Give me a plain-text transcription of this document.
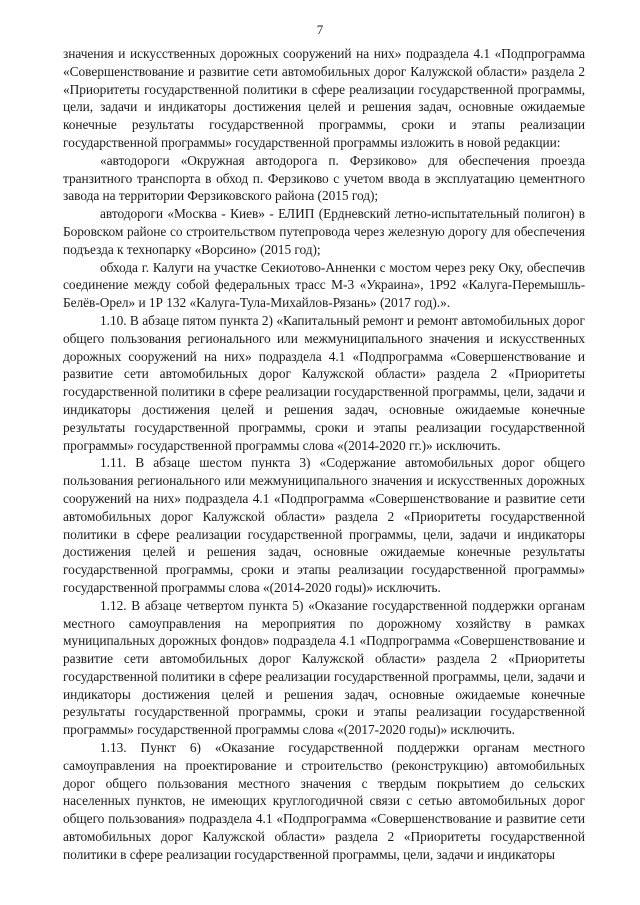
7

значения и искусственных дорожных сооружений на них» подраздела 4.1 «Подпрограмма «Совершенствование и развитие сети автомобильных дорог Калужской области» раздела 2 «Приоритеты государственной политики в сфере реализации государственной программы, цели, задачи и индикаторы достижения целей и решения задач, основные ожидаемые конечные результаты государственной программы, сроки и этапы реализации государственной программы» государственной программы изложить в новой редакции:

«автодороги «Окружная автодорога п. Ферзиково» для обеспечения проезда транзитного транспорта в обход п. Ферзиково с учетом ввода в эксплуатацию цементного завода на территории Ферзиковского района (2015 год);

автодороги «Москва - Киев» - ЕЛИП (Ердневский летно-испытательный полигон) в Боровском районе со строительством путепровода через железную дорогу для обеспечения подъезда к технопарку «Ворсино» (2015 год);

обхода г. Калуги на участке Секиотово-Анненки с мостом через реку Оку, обеспечив соединение между собой федеральных трасс М-3 «Украина», 1Р92 «Калуга-Перемышль-Белёв-Орел» и 1Р 132 «Калуга-Тула-Михайлов-Рязань» (2017 год).».

1.10. В абзаце пятом пункта 2) «Капитальный ремонт и ремонт автомобильных дорог общего пользования регионального или межмуниципального значения и искусственных дорожных сооружений на них» подраздела 4.1 «Подпрограмма «Совершенствование и развитие сети автомобильных дорог Калужской области» раздела 2 «Приоритеты государственной политики в сфере реализации государственной программы, цели, задачи и индикаторы достижения целей и решения задач, основные ожидаемые конечные результаты государственной программы, сроки и этапы реализации государственной программы» государственной программы слова «(2014-2020 гг.)» исключить.

1.11. В абзаце шестом пункта 3) «Содержание автомобильных дорог общего пользования регионального или межмуниципального значения и искусственных дорожных сооружений на них» подраздела 4.1 «Подпрограмма «Совершенствование и развитие сети автомобильных дорог Калужской области» раздела 2 «Приоритеты государственной политики в сфере реализации государственной программы, цели, задачи и индикаторы достижения целей и решения задач, основные ожидаемые конечные результаты государственной программы, сроки и этапы реализации государственной программы» государственной программы слова «(2014-2020 годы)» исключить.

1.12. В абзаце четвертом пункта 5) «Оказание государственной поддержки органам местного самоуправления на мероприятия по дорожному хозяйству в рамках муниципальных дорожных фондов» подраздела 4.1 «Подпрограмма «Совершенствование и развитие сети автомобильных дорог Калужской области» раздела 2 «Приоритеты государственной политики в сфере реализации государственной программы, цели, задачи и индикаторы достижения целей и решения задач, основные ожидаемые конечные результаты государственной программы, сроки и этапы реализации государственной программы» государственной программы слова «(2017-2020 годы)» исключить.

1.13. Пункт 6) «Оказание государственной поддержки органам местного самоуправления на проектирование и строительство (реконструкцию) автомобильных дорог общего пользования местного значения с твердым покрытием до сельских населенных пунктов, не имеющих круглогодичной связи с сетью автомобильных дорог общего пользования» подраздела 4.1 «Подпрограмма «Совершенствование и развитие сети автомобильных дорог Калужской области» раздела 2 «Приоритеты государственной политики в сфере реализации государственной программы, цели, задачи и индикаторы
